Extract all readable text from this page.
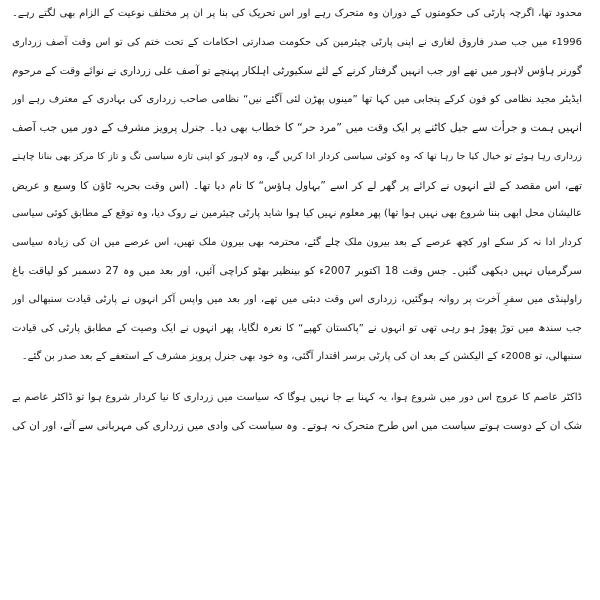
محدود تھا، اگرچہ پارٹی کی حکومتوں کے دوران وہ متحرک رہے اور اس تحریک کی بنا پر ان پر مختلف نوعیت کے الزام بھی لگتے رہے۔
1996ء میں جب صدر فاروق لغاری نے اپنی پارٹی چیئرمین کی حکومت صدارتی احکامات کے تحت ختم کی تو اس وقت آصف زرداری
گورنر ہاؤس لاہور میں تھے اور جب انہیں گرفتار کرنے کے لئے سکیورٹی اہلکار پہنچے تو آصف علی زرداری نے نوائے وقت کے مرحوم
ایڈیٹر مجید نظامی کو فون کرکے پنجابی میں کہا تھا ”مینوں پھڑن لئی آگئے نیں“ نظامی صاحب زرداری کی بہادری کے معترف رہے اور
انہیں ہمت و جرأت سے جیل کاٹنے پر ایک وقت میں ”مرد حر“ کا خطاب بھی دیا۔ جنرل پرویز مشرف کے دور میں جب آصف
زرداری رہا ہوئے تو خیال کیا جا رہا تھا کہ وہ کوئی سیاسی کردار ادا کریں گے، وہ لاہور کو اپنی تازہ سیاسی تگ و تاز کا مرکز بھی بنانا چاہتے
تھے، اس مقصد کے لئے انہوں نے کرائے پر گھر لے کر اسے ”بہاول ہاؤس“ کا نام دیا تھا۔ (اس وقت بحریہ ٹاؤن کا وسیع و عریض
عالیشان محل ابھی بننا شروع بھی نہیں ہوا تھا) پھر معلوم نہیں کیا ہوا شاید پارٹی چیئرمین نے روک دیا، وہ توقع کے مطابق کوئی سیاسی
کردار ادا نہ کر سکے اور کچھ عرصے کے بعد بیرون ملک چلے گئے، محترمہ بھی بیرون ملک تھیں، اس عرصے میں ان کی زیادہ سیاسی
سرگرمیاں نہیں دیکھی گئیں۔ جس وقت 18 اکتوبر 2007ء کو بینظیر بھٹو کراچی آئیں، اور بعد میں وہ 27 دسمبر کو لیاقت باغ
راولپنڈی میں سفرِ آخرت پر روانہ ہوگئیں، زرداری اس وقت دبئی میں تھے، اور بعد میں واپس آکر انہوں نے پارٹی قیادت سنبھالی اور
جب سندھ میں توڑ پھوڑ ہو رہی تھی تو انہوں نے ”پاکستان کھپے“ کا نعرہ لگایا، پھر انہوں نے ایک وصیت کے مطابق پارٹی کی قیادت
سنبھالی، تو 2008ء کے الیکشن کے بعد ان کی پارٹی برسر اقتدار آگئی، وہ خود بھی جنرل پرویز مشرف کے استعفے کے بعد صدر بن گئے۔
ڈاکٹر عاصم کا عروج اس دور میں شروع ہوا، یہ کہنا بے جا نہیں ہوگا کہ سیاست میں زرداری کا نیا کردار شروع ہوا تو ڈاکٹر عاصم بے
شک ان کے دوست ہوتے سیاست میں اس طرح متحرک نہ ہوتے۔ وہ سیاست کی وادی میں زرداری کی مہربانی سے آئے، اور ان کی
